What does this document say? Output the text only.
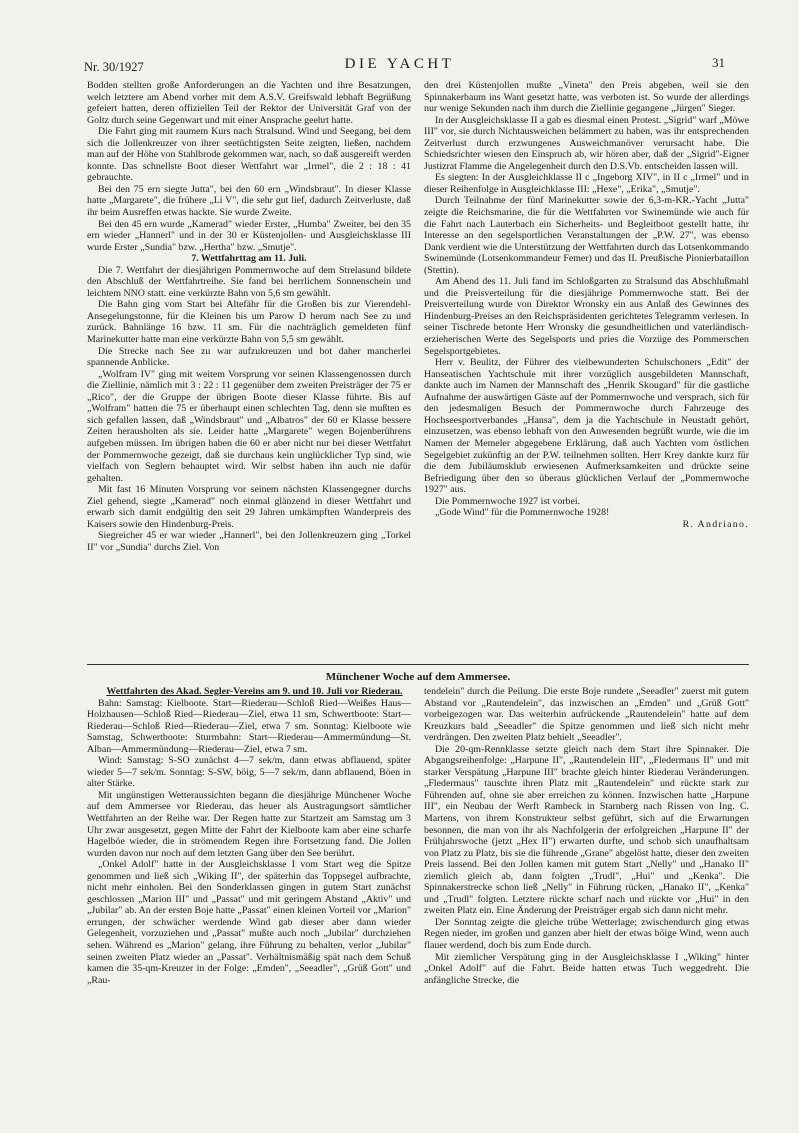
Nr. 30/1927	DIE YACHT	31

Bodden stellten große Anforderungen an die Yachten und ihre Besatzungen, welch letztere am Abend vorher mit dem A.S.V. Greifswald lebhaft Begrüßung gefeiert hatten, deren offiziellen Teil der Rektor der Universität Graf von der Goltz durch seine Gegenwart und mit einer Ansprache geehrt hatte.

Die Fahrt ging mit raumem Kurs nach Stralsund. Wind und Seegang, bei dem sich die Jollenkreuzer von ihrer seetüchtigsten Seite zeigten, ließen, nachdem man auf der Höhe von Stahlbrode gekommen war, nach, so daß ausgereift werden konnte. Das schnellste Boot dieser Wettfahrt war „Irmel", die 2 : 18 : 41 gebrauchte.

Bei den 75 ern siegte Jutta", bei den 60 ern „Windsbraut". In dieser Klasse hatte „Margarete", die frühere „Li V", die sehr gut lief, dadurch Zeitverluste, daß ihr beim Ausreffen etwas hackte. Sie wurde Zweite.

Bei den 45 ern wurde „Kamerad" wieder Erster, „Humba" Zweiter, bei den 35 ern wieder „Hannerl" und in der 30 er Küstenjollen- und Ausgleichsklasse III wurde Erster „Sundia" bzw. „Hertha" bzw. „Smutje".

7. Wettfahrttag am 11. Juli.

Die 7. Wettfahrt der diesjährigen Pommernwoche auf dem Strelasund bildete den Abschluß der Wettfahrtreihe. Sie fand bei herrlichem Sonnenschein und leichtem NNO statt. eine verkürzte Bahn von 5,6 sm gewählt.

Die Bahn ging vom Start bei Altefähr für die Großen bis zur Vierendehl-Ansegelungstonne, für die Kleinen bis um Parow D herum nach See zu und zurück. Bahnlänge 16 bzw. 11 sm. Für die nachträglich gemeldeten fünf Marinekutter hatte man eine verkürzte Bahn von 5,5 sm gewählt.

Die Strecke nach See zu war aufzukreuzen und bot daher mancherlei spannende Anblicke.

„Wolfram IV" ging mit weitem Vorsprung vor seinen Klassengenossen durch die Ziellinie, nämlich mit 3 : 22 : 11 gegenüber dem zweiten Preisträger der 75 er „Rico", der die Gruppe der übrigen Boote dieser Klasse führte. Bis auf „Wolfram" hatten die 75 er überhaupt einen schlechten Tag, denn sie mußten es sich gefallen lassen, daß „Windsbraut" und „Albatros" der 60 er Klasse bessere Zeiten herausholten als sie. Leider hatte „Margarete" wegen Bojenberührens aufgeben müssen. Im übrigen haben die 60 er aber nicht nur bei dieser Wettfahrt der Pommernwoche gezeigt, daß sie durchaus kein unglücklicher Typ sind, wie vielfach von Seglern behauptet wird. Wir selbst haben ihn auch nie dafür gehalten.

Mit fast 16 Minuten Vorsprung vor seinem nächsten Klassengegner durchs Ziel gehend, siegte „Kamerad" noch einmal glänzend in dieser Wettfahrt und erwarb sich damit endgültig den seit 29 Jahren umkämpften Wanderpreis des Kaisers sowie den Hindenburg-Preis.

Siegreicher 45 er war wieder „Hannerl", bei den Jollenkreuzern ging „Torkel II" vor „Sundia" durchs Ziel. Von

den drei Küstenjollen mußte „Vineta" den Preis abgeben, weil sie den Spinnakerbaum ins Want gesetzt hatte, was verboten ist. So wurde der allerdings nur wenige Sekunden nach ihm durch die Ziellinie gegangene „Jürgen" Sieger.

In der Ausgleichsklasse II a gab es diesmal einen Protest. „Sigrid" warf „Möwe III" vor, sie durch Nichtausweichen belämmert zu haben, was ihr entsprechenden Zeitverlust durch erzwungenes Ausweichmanöver verursacht habe. Die Schiedsrichter wiesen den Einspruch ab, wir hören aber, daß der „Sigrid"-Eigner Justizrat Flamme die Angelegenheit durch den D.S.Vb. entscheiden lassen will.

Es siegten: In der Ausgleichklasse II c „Ingeborg XIV", in II c „Irmel" und in dieser Reihenfolge in Ausgleichklasse III: „Hexe", „Erika", „Smutje".

Durch Teilnahme der fünf Marinekutter sowie der 6,3-m-KR.-Yacht „Jutta" zeigte die Reichsmarine, die für die Wettfahrten vor Swinemünde wie auch für die Fahrt nach Lauterbach ein Sicherheits- und Begleitboot gestellt hatte, ihr Interesse an den segelsportlichen Veranstaltungen der „P.W. 27", was ebenso Dank verdient wie die Unterstützung der Wettfahrten durch das Lotsenkommando Swinemünde (Lotsenkommandeur Femer) und das II. Preußische Pionierbataillon (Stettin).

Am Abend des 11. Juli fand im Schloßgarten zu Stralsund das Abschlußmahl und die Preisverteilung für die diesjährige Pommernwoche statt. Bei der Preisverteilung wurde von Direktor Wronsky ein aus Anlaß des Gewinnes des Hindenburg-Preises an den Reichspräsidenten gerichtetes Telegramm verlesen. In seiner Tischrede betonte Herr Wronsky die gesundheitlichen und vaterländisch-erzieherischen Werte des Segelsports und pries die Vorzüge des Pommerschen Segelsportgebietes.

Herr v. Beulitz, der Führer des vielbewunderten Schulschoners „Edit" der Hanseatischen Yachtschule mit ihrer vorzüglich ausgebildeten Mannschaft, dankte auch im Namen der Mannschaft des „Henrik Skougard" für die gastliche Aufnahme der auswärtigen Gäste auf der Pommernwoche und versprach, sich für den jedesmaligen Besuch der Pommernwoche durch Fahrzeuge des Hochseesportverbandes „Hansa", dem ja die Yachtschule in Neustadt gehört, einzusetzen, was ebenso lebhaft von den Anwesenden begrüßt wurde, wie die im Namen der Memeler abgegebene Erklärung, daß auch Yachten vom östlichen Segelgebiet zukünftig an der P.W. teilnehmen sollten. Herr Krey dankte kurz für die dem Jubiläumsklub erwiesenen Aufmerksamkeiten und drückte seine Befriedigung über den so überaus glücklichen Verlauf der „Pommernwoche 1927" aus.

Die Pommernwoche 1927 ist vorbei.

„Gode Wind" für die Pommernwoche 1928!

R. Andriano.

Münchener Woche auf dem Ammersee.

Wettfahrten des Akad. Segler-Vereins am 9. und 10. Juli vor Riederau.

Bahn: Samstag: Kielboote. Start—Riederau—Schloß Ried—Weißes Haus—Holzhausen—Schloß Ried—Riederau—Ziel, etwa 11 sm, Schwertboote: Start—Riederau—Schloß Ried—Riederau—Ziel, etwa 7 sm. Sonntag: Kielboote wie Samstag, Schwertboote: Sturmbahn: Start—Riederau—Ammermündung—St. Alban—Ammermündung—Riederau—Ziel, etwa 7 sm.

Wind: Samstag: S-SO zunächst 4—7 sek/m, dann etwas abflauend, später wieder 5—7 sek/m. Sonntag: S-SW, böig, 5—7 sek/m, dann abflauend, Böen in alter Stärke.

Mit ungünstigen Wetteraussichten begann die diesjährige Münchener Woche auf dem Ammersee vor Riederau, das heuer als Austragungsort sämtlicher Wettfahrten an der Reihe war. Der Regen hatte zur Startzeit am Samstag um 3 Uhr zwar ausgesetzt, gegen Mitte der Fahrt der Kielboote kam aber eine scharfe Hagelböe wieder, die in strömendem Regen ihre Fortsetzung fand. Die Jollen wurden davon nur noch auf dem letzten Gang über den See berührt.

„Onkel Adolf" hatte in der Ausgleichsklasse I vom Start weg die Spitze genommen und ließ sich „Wiking II", der späterhin das Toppsegel aufbrachte, nicht mehr einholen. Bei den Sonderklassen gingen in gutem Start zunächst geschlossen „Marion III" und „Passat" und mit geringem Abstand „Aktiv" und „Jubilar" ab. An der ersten Boje hatte „Passat" einen kleinen Vorteil vor „Marion" errungen, der schwächer werdende Wind gab dieser aber dann wieder Gelegenheit, vorzuziehen und „Passat" mußte auch noch „Jubilar" durchziehen sehen. Während es „Marion" gelang, ihre Führung zu behalten, verlor „Jubilar" seinen zweiten Platz wieder an „Passat". Verhältnismäßig spät nach dem Schuß kamen die 35-qm-Kreuzer in der Folge: „Emden", „Seeadler", „Grüß Gott" und „Rau-

tendelein" durch die Peilung. Die erste Boje rundete „Seeadler" zuerst mit gutem Abstand vor „Rautendelein", das inzwischen an „Emden" und „Grüß Gott" vorbeigezogen war. Das weiterhin aufrückende „Rautendelein" hatte auf dem Kreuzkurs bald „Seeadler" die Spitze genommen und ließ sich nicht mehr verdrängen. Den zweiten Platz behielt „Seeadler".

Die 20-qm-Rennklasse setzte gleich nach dem Start ihre Spinnaker. Die Abgangsreihenfolge: „Harpune II", „Rautendelein III", „Fledermaus II" und mit starker Verspätung „Harpune III" brachte gleich hinter Riederau Veränderungen. „Fledermaus" tauschte ihren Platz mit „Rautendelein" und rückte stark zur Führenden auf, ohne sie aber erreichen zu können. Inzwischen hatte „Harpune III", ein Neubau der Werft Rambeck in Starnberg nach Rissen von Ing. C. Martens, von ihrem Konstrukteur selbst geführt, sich auf die Erwartungen besonnen, die man von ihr als Nachfolgerin der erfolgreichen „Harpune II" der Frühjahrswoche (jetzt „Hex II") erwarten durfte, und schob sich unaufhaltsam von Platz zu Platz, bis sie die führende „Grane" abgelöst hatte, dieser den zweiten Preis lassend. Bei den Jollen kamen mit gutem Start „Nelly" und „Hanako II" ziemlich gleich ab, dann folgten „Trudl", „Hui" und „Kenka". Die Spinnakerstrecke schon ließ „Nelly" in Führung rücken, „Hanako II", „Kenka" und „Trudl" folgten. Letztere rückte scharf nach und rückte vor „Hui" in den zweiten Platz ein. Eine Änderung der Preisträger ergab sich dann nicht mehr.

Der Sonntag zeigte die gleiche trübe Wetterlage; zwischendurch ging etwas Regen nieder, im großen und ganzen aber hielt der etwas böige Wind, wenn auch flauer werdend, doch bis zum Ende durch.

Mit ziemlicher Verspätung ging in der Ausgleichsklasse I „Wiking" hinter „Onkel Adolf" auf die Fahrt. Beide hatten etwas Tuch weggedreht. Die anfängliche Strecke, die
